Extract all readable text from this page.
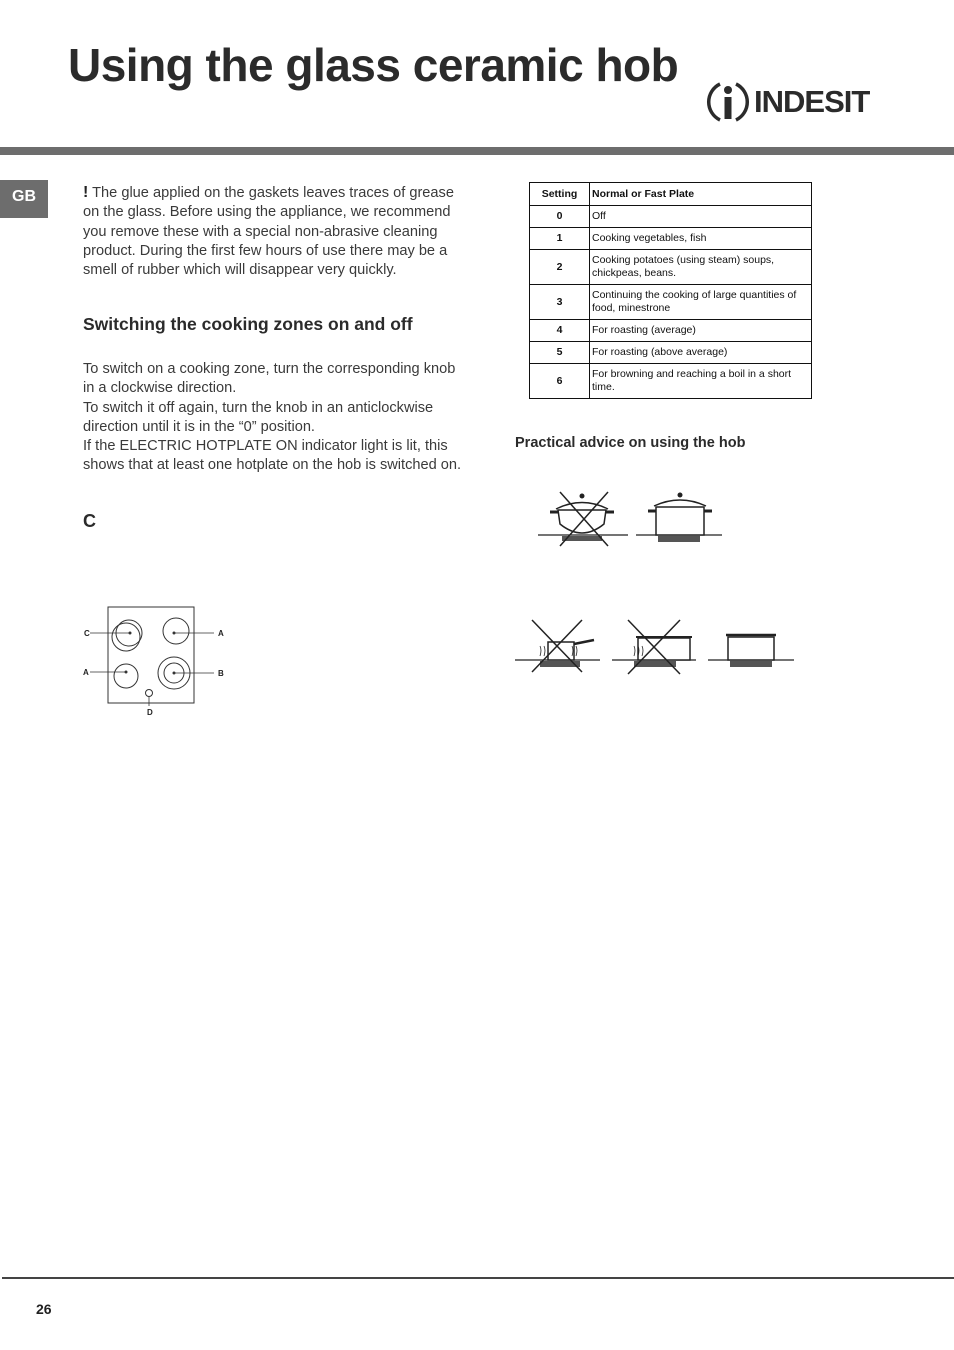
Using the glass ceramic hob
INDESIT
GB	! The glue applied on the gaskets leaves traces of grease on the glass. Before using the appliance, we recommend you remove these with a special non-abrasive cleaning product. During the first few hours of use there may be a smell of rubber which will disappear very quickly.
Switching the cooking zones on and off

To switch on a cooking zone, turn the corresponding knob in a clockwise direction.

To switch it off again, turn the knob in an anticlockwise direction until it is in the “0” position.

If the ELECTRIC HOTPLATE ON indicator light is lit, this shows that at least one hotplate on the hob is switched on.

C
C	A
A	B
D
Setting	Normal or Fast Plate
0	Off
1	Cooking vegetables, fish
2	Cooking potatoes (using steam) soups, chickpeas, beans.
3	Continuing the cooking of large quantities of food, minestrone
4	For roasting (average)
5	For roasting (above average)
6	For browning and reaching a boil in a short time.
Practical advice on using the hob
26
